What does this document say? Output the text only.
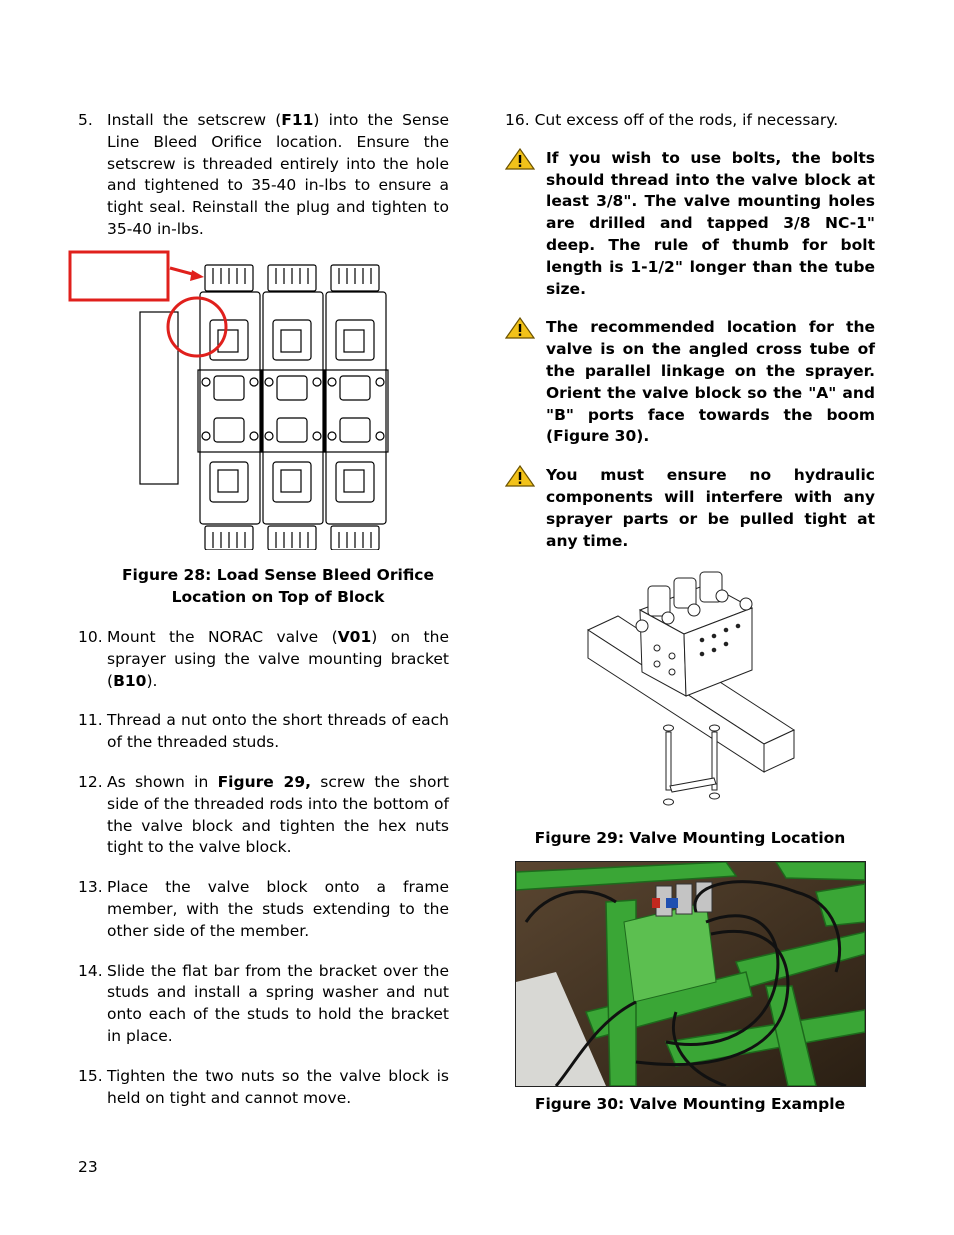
5. Install the setscrew (F11) into the Sense Line Bleed Orifice location. Ensure the setscrew is threaded entirely into the hole and tightened to 35-40 in-lbs to ensure a tight seal. Reinstall the plug and tighten to 35-40 in-lbs.
Figure 28: Load Sense Bleed Orifice
Location on Top of Block
10. Mount the NORAC valve (V01) on the sprayer using the valve mounting bracket (B10).
11. Thread a nut onto the short threads of each of the threaded studs.
12. As shown in Figure 29, screw the short side of the threaded rods into the bottom of the valve block and tighten the hex nuts tight to the valve block.
13. Place the valve block onto a frame member, with the studs extending to the other side of the member.
14. Slide the flat bar from the bracket over the studs and install a spring washer and nut onto each of the studs to hold the bracket in place.
15. Tighten the two nuts so the valve block is held on tight and cannot move.
16. Cut excess off of the rods, if necessary.
If you wish to use bolts, the bolts should thread into the valve block at least 3/8". The valve mounting holes are drilled and tapped 3/8 NC-1" deep. The rule of thumb for bolt length is 1-1/2" longer than the tube size.
The recommended location for the valve is on the angled cross tube of the parallel linkage on the sprayer. Orient the valve block so the "A" and "B" ports face towards the boom (Figure 30).
You must ensure no hydraulic components will interfere with any sprayer parts or be pulled tight at any time.
Figure 29: Valve Mounting Location
Figure 30: Valve Mounting Example
23
